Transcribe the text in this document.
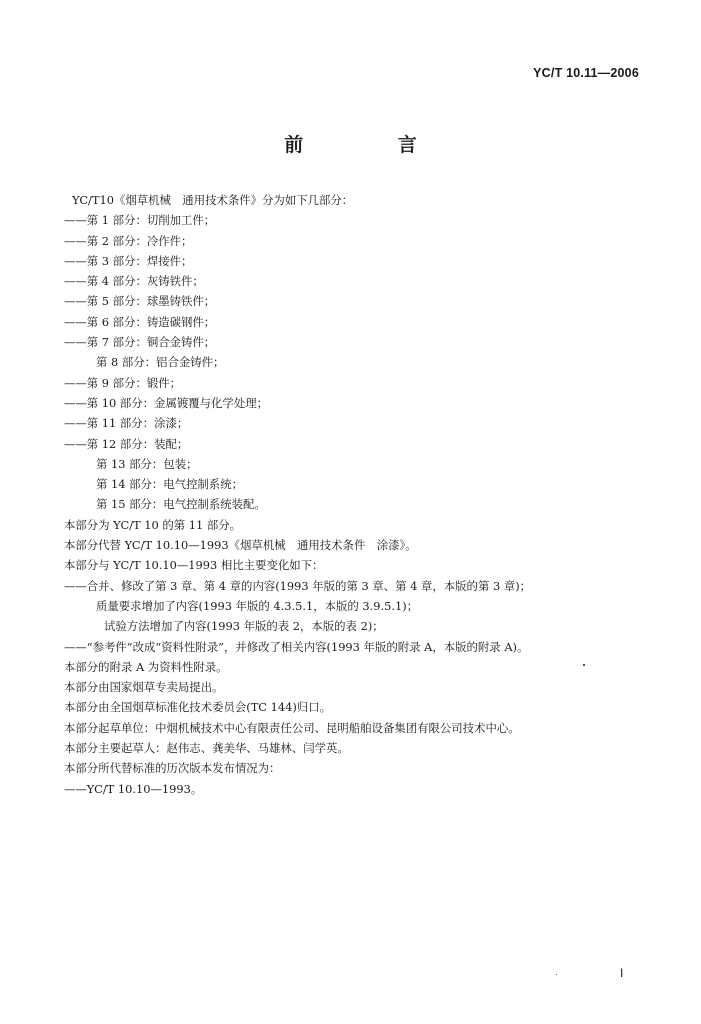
YC/T 10.11—2006
前 言
YC/T10《烟草机械　通用技术条件》分为如下几部分：
——第 1 部分：切削加工件；
——第 2 部分：冷作件；
——第 3 部分：焊接件；
——第 4 部分：灰铸铁件；
——第 5 部分：球墨铸铁件；
——第 6 部分：铸造碳钢件；
——第 7 部分：铜合金铸件；
第 8 部分：铝合金铸件；
——第 9 部分：锻件；
——第 10 部分：金属镀覆与化学处理；
——第 11 部分：涂漆；
——第 12 部分：装配；
第 13 部分：包装；
第 14 部分：电气控制系统；
第 15 部分：电气控制系统装配。
本部分为 YC/T 10 的第 11 部分。
本部分代替 YC/T 10.10—1993《烟草机械　通用技术条件　涂漆》。
本部分与 YC/T 10.10—1993 相比主要变化如下：
——合并、修改了第 3 章、第 4 章的内容(1993 年版的第 3 章、第 4 章，本版的第 3 章)；
质量要求增加了内容(1993 年版的 4.3.5.1，本版的 3.9.5.1)；
试验方法增加了内容(1993 年版的表 2，本版的表 2)；
——“参考件”改成“资料性附录”，并修改了相关内容(1993 年版的附录 A，本版的附录 A)。
本部分的附录 A 为资料性附录。
本部分由国家烟草专卖局提出。
本部分由全国烟草标准化技术委员会(TC 144)归口。
本部分起草单位：中烟机械技术中心有限责任公司、昆明船舶设备集团有限公司技术中心。
本部分主要起草人：赵伟志、龚美华、马雄林、闫学英。
本部分所代替标准的历次版本发布情况为：
——YC/T 10.10—1993。
I
